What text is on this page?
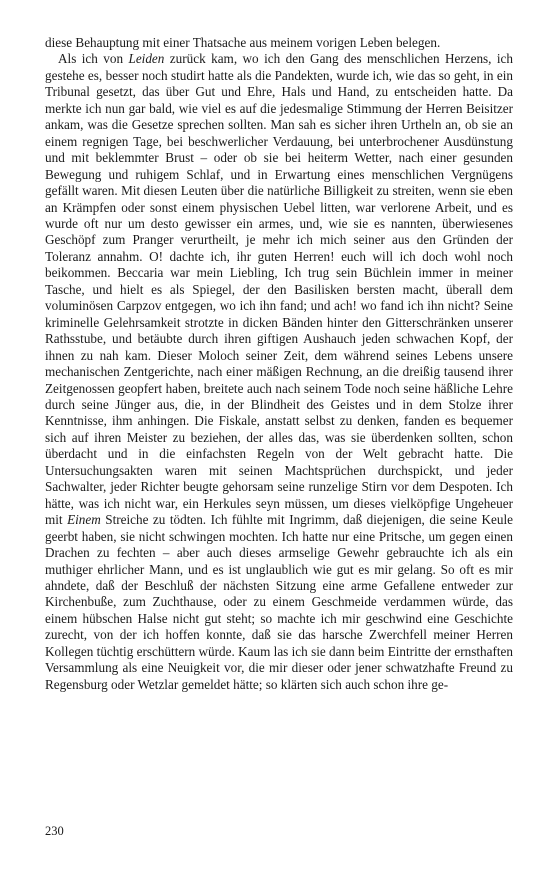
diese Behauptung mit einer Thatsache aus meinem vorigen Leben belegen.

Als ich von Leiden zurück kam, wo ich den Gang des menschlichen Herzens, ich gestehe es, besser noch studirt hatte als die Pandekten, wurde ich, wie das so geht, in ein Tribunal gesetzt, das über Gut und Ehre, Hals und Hand, zu entscheiden hatte. Da merkte ich nun gar bald, wie viel es auf die jedesmalige Stimmung der Herren Beisitzer ankam, was die Gesetze sprechen sollten. Man sah es sicher ihren Urtheln an, ob sie an einem regnigen Tage, bei beschwerlicher Verdauung, bei unterbrochener Ausdünstung und mit beklemmter Brust – oder ob sie bei heiterm Wetter, nach einer gesunden Bewegung und ruhigem Schlaf, und in Erwartung eines menschlichen Vergnügens gefällt waren. Mit diesen Leuten über die natürliche Billigkeit zu streiten, wenn sie eben an Krämpfen oder sonst einem physischen Uebel litten, war verlorene Arbeit, und es wurde oft nur um desto gewisser ein armes, und, wie sie es nannten, überwiesenes Geschöpf zum Pranger verurtheilt, je mehr ich mich seiner aus den Gründen der Toleranz annahm. O! dachte ich, ihr guten Herren! euch will ich doch wohl noch beikommen. Beccaria war mein Liebling, Ich trug sein Büchlein immer in meiner Tasche, und hielt es als Spiegel, der den Basilisken bersten macht, überall dem voluminösen Carpzov entgegen, wo ich ihn fand; und ach! wo fand ich ihn nicht? Seine kriminelle Gelehrsamkeit strotzte in dicken Bänden hinter den Gitterschränken unserer Rathsstube, und betäubte durch ihren giftigen Aushauch jeden schwachen Kopf, der ihnen zu nah kam. Dieser Moloch seiner Zeit, dem während seines Lebens unsere mechanischen Zentgerichte, nach einer mäßigen Rechnung, an die dreißig tausend ihrer Zeitgenossen geopfert haben, breitete auch nach seinem Tode noch seine häßliche Lehre durch seine Jünger aus, die, in der Blindheit des Geistes und in dem Stolze ihrer Kenntnisse, ihm anhingen. Die Fiskale, anstatt selbst zu denken, fanden es bequemer sich auf ihren Meister zu beziehen, der alles das, was sie überdenken sollten, schon überdacht und in die einfachsten Regeln von der Welt gebracht hatte. Die Untersuchungsakten waren mit seinen Machtsprüchen durchspickt, und jeder Sachwalter, jeder Richter beugte gehorsam seine runzelige Stirn vor dem Despoten. Ich hätte, was ich nicht war, ein Herkules seyn müssen, um dieses vielköpfige Ungeheuer mit Einem Streiche zu tödten. Ich fühlte mit Ingrimm, daß diejenigen, die seine Keule geerbt haben, sie nicht schwingen mochten. Ich hatte nur eine Pritsche, um gegen einen Drachen zu fechten – aber auch dieses armselige Gewehr gebrauchte ich als ein muthiger ehrlicher Mann, und es ist unglaublich wie gut es mir gelang. So oft es mir ahndete, daß der Beschluß der nächsten Sitzung eine arme Gefallene entweder zur Kirchenbuße, zum Zuchthause, oder zu einem Geschmeide verdammen würde, das einem hübschen Halse nicht gut steht; so machte ich mir geschwind eine Geschichte zurecht, von der ich hoffen konnte, daß sie das harsche Zwerchfell meiner Herren Kollegen tüchtig erschüttern würde. Kaum las ich sie dann beim Eintritte der ernsthaften Versammlung als eine Neuigkeit vor, die mir dieser oder jener schwatzhafte Freund zu Regensburg oder Wetzlar gemeldet hätte; so klärten sich auch schon ihre ge-

230
